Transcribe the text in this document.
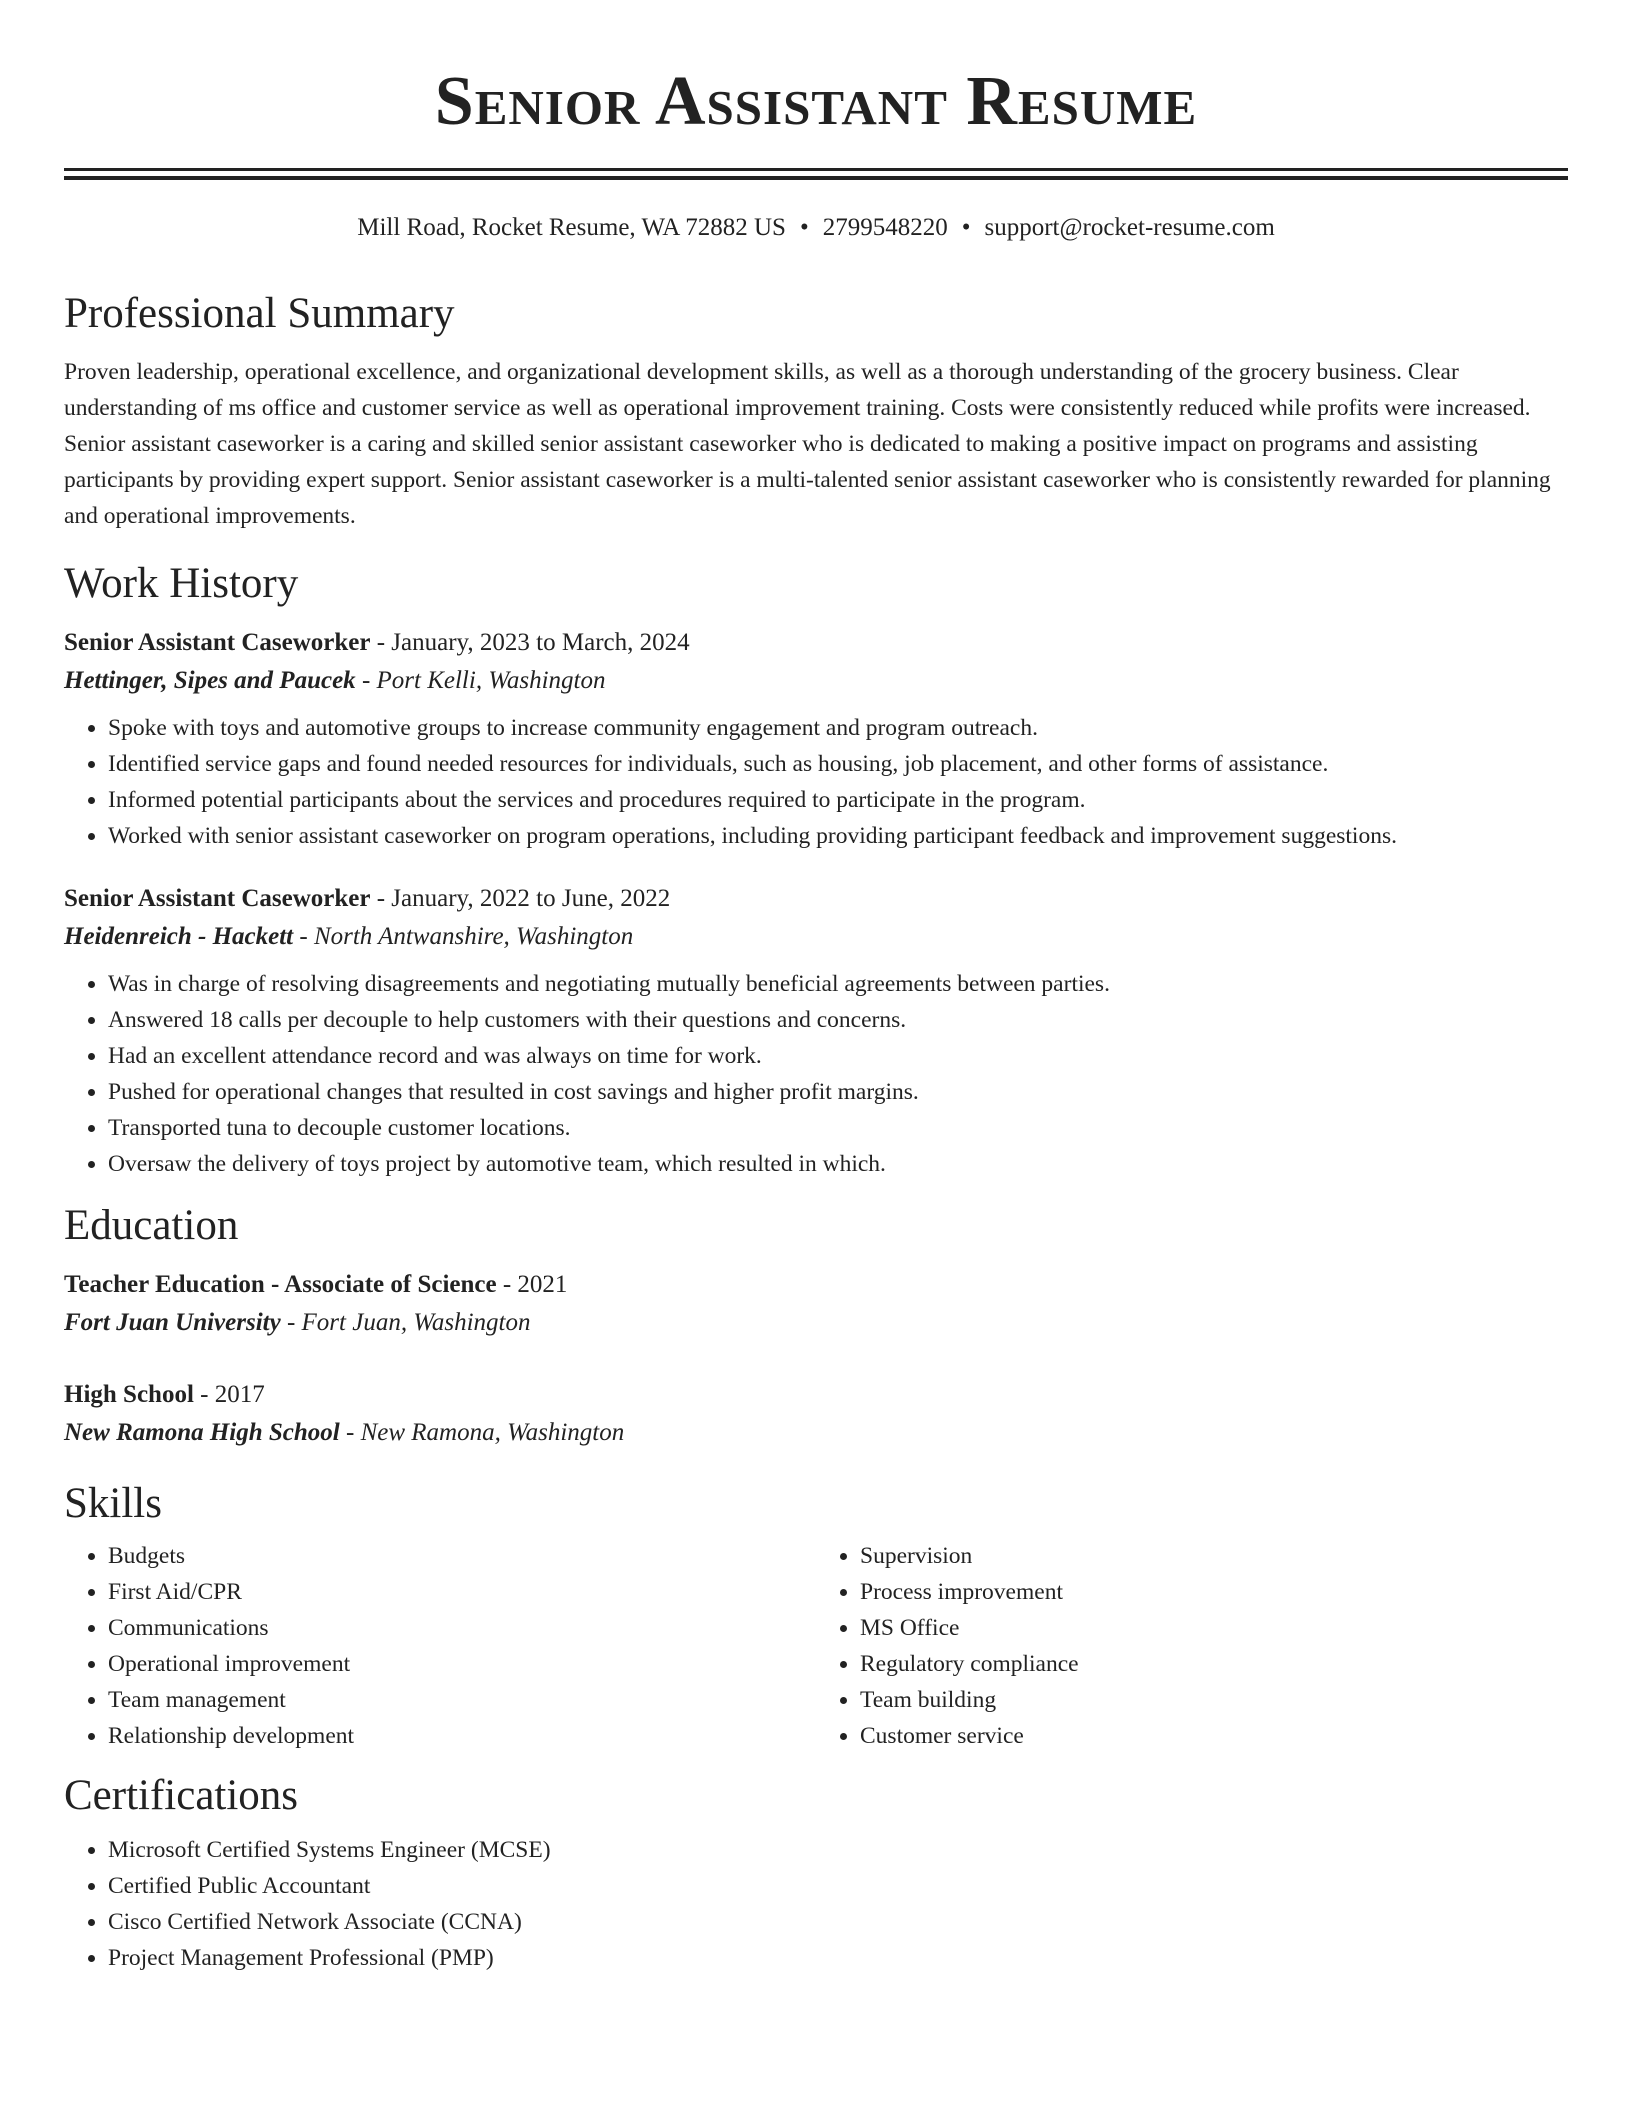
Senior Assistant Resume
Mill Road, Rocket Resume, WA 72882 US • 2799548220 • support@rocket-resume.com
Professional Summary
Proven leadership, operational excellence, and organizational development skills, as well as a thorough understanding of the grocery business. Clear understanding of ms office and customer service as well as operational improvement training. Costs were consistently reduced while profits were increased. Senior assistant caseworker is a caring and skilled senior assistant caseworker who is dedicated to making a positive impact on programs and assisting participants by providing expert support. Senior assistant caseworker is a multi-talented senior assistant caseworker who is consistently rewarded for planning and operational improvements.
Work History
Senior Assistant Caseworker - January, 2023 to March, 2024
Hettinger, Sipes and Paucek - Port Kelli, Washington
• Spoke with toys and automotive groups to increase community engagement and program outreach.
• Identified service gaps and found needed resources for individuals, such as housing, job placement, and other forms of assistance.
• Informed potential participants about the services and procedures required to participate in the program.
• Worked with senior assistant caseworker on program operations, including providing participant feedback and improvement suggestions.
Senior Assistant Caseworker - January, 2022 to June, 2022
Heidenreich - Hackett - North Antwanshire, Washington
• Was in charge of resolving disagreements and negotiating mutually beneficial agreements between parties.
• Answered 18 calls per decouple to help customers with their questions and concerns.
• Had an excellent attendance record and was always on time for work.
• Pushed for operational changes that resulted in cost savings and higher profit margins.
• Transported tuna to decouple customer locations.
• Oversaw the delivery of toys project by automotive team, which resulted in which.
Education
Teacher Education - Associate of Science - 2021
Fort Juan University - Fort Juan, Washington
High School - 2017
New Ramona High School - New Ramona, Washington
Skills
• Budgets
• First Aid/CPR
• Communications
• Operational improvement
• Team management
• Relationship development
• Supervision
• Process improvement
• MS Office
• Regulatory compliance
• Team building
• Customer service
Certifications
• Microsoft Certified Systems Engineer (MCSE)
• Certified Public Accountant
• Cisco Certified Network Associate (CCNA)
• Project Management Professional (PMP)
